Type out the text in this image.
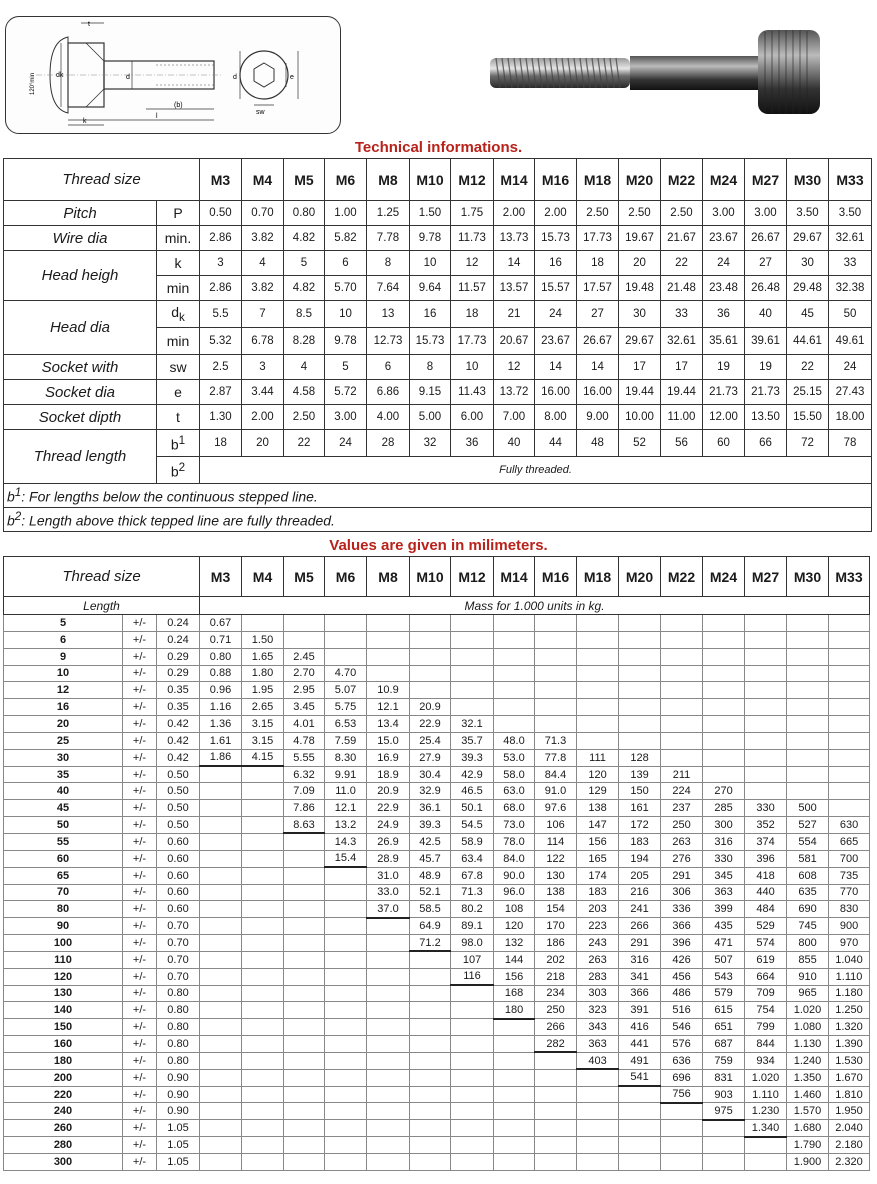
t
120°min	dk	d
k
l
(b)
d	e
sw
Technical informations.
Thread size		M3	M4	M5	M6	M8	M10	M12	M14	M16	M18	M20	M22	M24	M27	M30	M33
Pitch	P	0.50	0.70	0.80	1.00	1.25	1.50	1.75	2.00	2.00	2.50	2.50	2.50	3.00	3.00	3.50	3.50
Wire dia	min.	2.86	3.82	4.82	5.82	7.78	9.78	11.73	13.73	15.73	17.73	19.67	21.67	23.67	26.67	29.67	32.61
Head heigh	k	3	4	5	6	8	10	12	14	16	18	20	22	24	27	30	33
	min	2.86	3.82	4.82	5.70	7.64	9.64	11.57	13.57	15.57	17.57	19.48	21.48	23.48	26.48	29.48	32.38
Head dia	$d_k$	5.5	7	8.5	10	13	16	18	21	24	27	30	33	36	40	45	50
	min	5.32	6.78	8.28	9.78	12.73	15.73	17.73	20.67	23.67	26.67	29.67	32.61	35.61	39.61	44.61	49.61
Socket with	sw	2.5	3	4	5	6	8	10	12	14	14	17	17	19	19	22	24
Socket dia	e	2.87	3.44	4.58	5.72	6.86	9.15	11.43	13.72	16.00	16.00	19.44	19.44	21.73	21.73	25.15	27.43
Socket dipth	t	1.30	2.00	2.50	3.00	4.00	5.00	6.00	7.00	8.00	9.00	10.00	11.00	12.00	13.50	15.50	18.00
Thread length	$b^1$	18	20	22	24	28	32	36	40	44	48	52	56	60	66	72	78
	$b^2$	Fully threaded.															
$b^1$: For lengths below the continuous stepped line.																	
$b^2$: Length above thick tepped line are fully threaded.																	
Values are given in milimeters.
Thread size			M3	M4	M5	M6	M8	M10	M12	M14	M16	M18	M20	M22	M24	M27	M30	M33
Length			Mass for 1.000 units in kg.															
5	+/-	0.24	0.67															
6	+/-	0.24	0.71	1.50														
9	+/-	0.29	0.80	1.65	2.45													
10	+/-	0.29	0.88	1.80	2.70	4.70												
12	+/-	0.35	0.96	1.95	2.95	5.07	10.9											
16	+/-	0.35	1.16	2.65	3.45	5.75	12.1	20.9										
20	+/-	0.42	1.36	3.15	4.01	6.53	13.4	22.9	32.1									
25	+/-	0.42	1.61	3.15	4.78	7.59	15.0	25.4	35.7	48.0	71.3							
30	+/-	0.42	1.86	4.15	5.55	8.30	16.9	27.9	39.3	53.0	77.8	111	128					
35	+/-	0.50			6.32	9.91	18.9	30.4	42.9	58.0	84.4	120	139	211				
40	+/-	0.50			7.09	11.0	20.9	32.9	46.5	63.0	91.0	129	150	224	270			
45	+/-	0.50			7.86	12.1	22.9	36.1	50.1	68.0	97.6	138	161	237	285	330	500	
50	+/-	0.50			8.63	13.2	24.9	39.3	54.5	73.0	106	147	172	250	300	352	527	630
55	+/-	0.60				14.3	26.9	42.5	58.9	78.0	114	156	183	263	316	374	554	665
60	+/-	0.60				15.4	28.9	45.7	63.4	84.0	122	165	194	276	330	396	581	700
65	+/-	0.60					31.0	48.9	67.8	90.0	130	174	205	291	345	418	608	735
70	+/-	0.60					33.0	52.1	71.3	96.0	138	183	216	306	363	440	635	770
80	+/-	0.60					37.0	58.5	80.2	108	154	203	241	336	399	484	690	830
90	+/-	0.70						64.9	89.1	120	170	223	266	366	435	529	745	900
100	+/-	0.70						71.2	98.0	132	186	243	291	396	471	574	800	970
110	+/-	0.70							107	144	202	263	316	426	507	619	855	1.040
120	+/-	0.70							116	156	218	283	341	456	543	664	910	1.110
130	+/-	0.80								168	234	303	366	486	579	709	965	1.180
140	+/-	0.80								180	250	323	391	516	615	754	1.020	1.250
150	+/-	0.80									266	343	416	546	651	799	1.080	1.320
160	+/-	0.80									282	363	441	576	687	844	1.130	1.390
180	+/-	0.80										403	491	636	759	934	1.240	1.530
200	+/-	0.90											541	696	831	1.020	1.350	1.670
220	+/-	0.90												756	903	1.110	1.460	1.810
240	+/-	0.90													975	1.230	1.570	1.950
260	+/-	1.05														1.340	1.680	2.040
280	+/-	1.05															1.790	2.180
300	+/-	1.05															1.900	2.320
